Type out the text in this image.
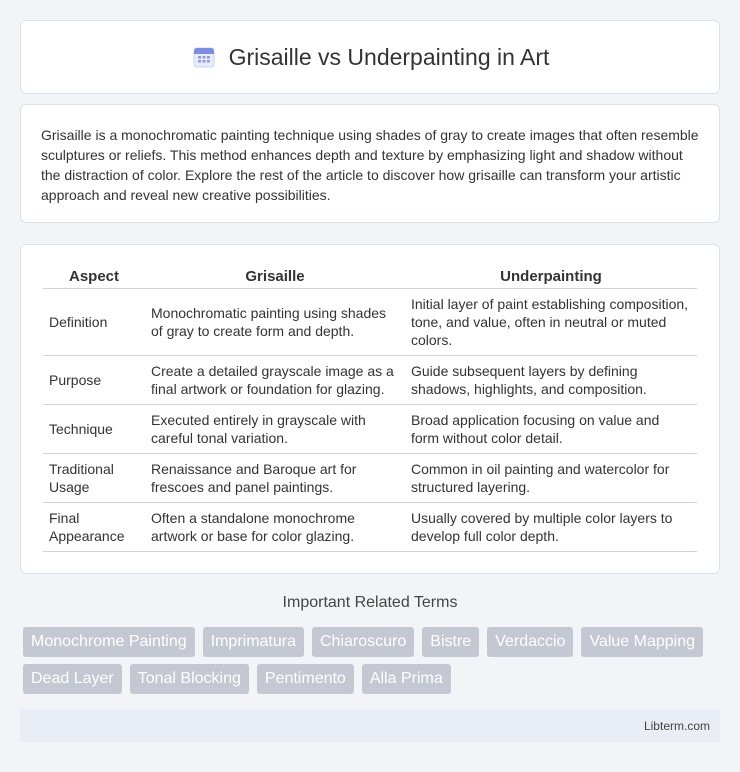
Grisaille vs Underpainting in Art

Grisaille is a monochromatic painting technique using shades of gray to create images that often resemble sculptures or reliefs. This method enhances depth and texture by emphasizing light and shadow without the distraction of color. Explore the rest of the article to discover how grisaille can transform your artistic approach and reveal new creative possibilities.

Aspect	Grisaille	Underpainting
Definition	Monochromatic painting using shades of gray to create form and depth.	Initial layer of paint establishing composition, tone, and value, often in neutral or muted colors.
Purpose	Create a detailed grayscale image as a final artwork or foundation for glazing.	Guide subsequent layers by defining shadows, highlights, and composition.
Technique	Executed entirely in grayscale with careful tonal variation.	Broad application focusing on value and form without color detail.
Traditional Usage	Renaissance and Baroque art for frescoes and panel paintings.	Common in oil painting and watercolor for structured layering.
Final Appearance	Often a standalone monochrome artwork or base for color glazing.	Usually covered by multiple color layers to develop full color depth.
Important Related Terms
Monochrome Painting	Imprimatura	Chiaroscuro	Bistre	Verdaccio	Value Mapping
Dead Layer	Tonal Blocking	Pentimento	Alla Prima
Libterm.com
